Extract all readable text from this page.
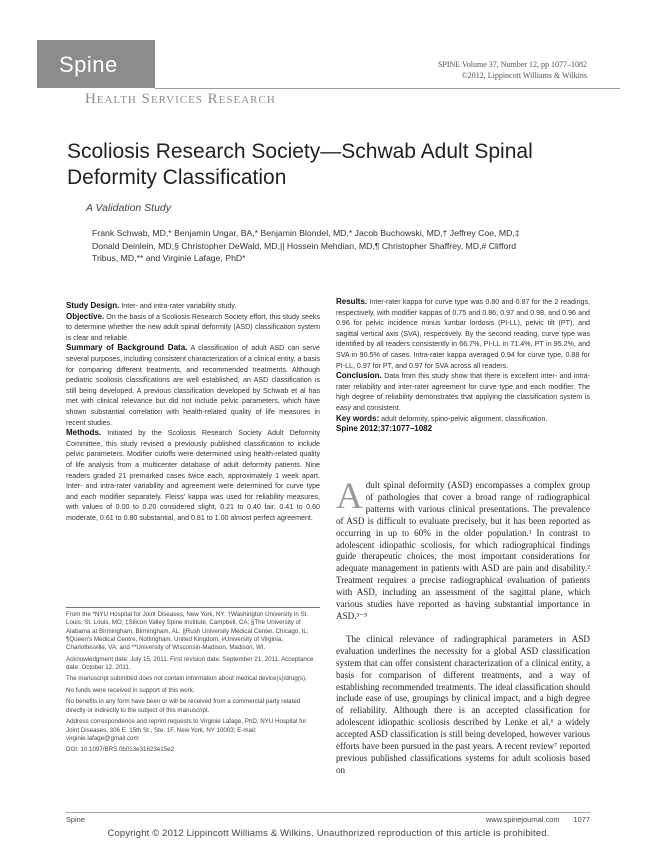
Spine	SPINE Volume 37, Number 12, pp 1077–1082
©2012, Lippincott Williams & Wilkins
Health Services Research
Scoliosis Research Society—Schwab Adult Spinal Deformity Classification
A Validation Study
Frank Schwab, MD,* Benjamin Ungar, BA,* Benjamin Blondel, MD,* Jacob Buchowski, MD,† Jeffrey Coe, MD,‡ Donald Deinlein, MD,§ Christopher DeWald, MD,|| Hossein Mehdian, MD,¶ Christopher Shaffrey, MD,# Clifford Tribus, MD,** and Virginie Lafage, PhD*

Study Design. Inter- and intra-rater variability study.

Objective. On the basis of a Scoliosis Research Society effort, this study seeks to determine whether the new adult spinal deformity (ASD) classification system is clear and reliable.

Summary of Background Data. A classification of adult ASD can serve several purposes, including consistent characterization of a clinical entity, a basis for comparing different treatments, and recommended treatments. Although pediatric scoliosis classifications are well established, an ASD classification is still being developed. A previous classification developed by Schwab et al has met with clinical relevance but did not include pelvic parameters, which have shown substantial correlation with health-related quality of life measures in recent studies.

Methods. Initiated by the Scoliosis Research Society Adult Deformity Committee, this study revised a previously published classification to include pelvic parameters. Modifier cutoffs were determined using health-related quality of life analysis from a multicenter database of adult deformity patients. Nine readers graded 21 premarked cases twice each, approximately 1 week apart. Inter- and intra-rater variability and agreement were determined for curve type and each modifier separately. Fleiss' kappa was used for reliability measures, with values of 0.00 to 0.20 considered slight, 0.21 to 0.40 fair, 0.41 to 0.60 moderate, 0.61 to 0.80 substantial, and 0.81 to 1.00 almost perfect agreement.

Results. Inter-rater kappa for curve type was 0.80 and 0.87 for the 2 readings, respectively, with modifier kappas of 0.75 and 0.86, 0.97 and 0.98, and 0.96 and 0.96 for pelvic incidence minus lumbar lordosis (PI-LL), pelvic tilt (PT), and sagittal vertical axis (SVA), respectively. By the second reading, curve type was identified by all readers consistently in 66.7%, PI-LL in 71.4%, PT in 95.2%, and SVA in 90.5% of cases. Intra-rater kappa averaged 0.94 for curve type, 0.88 for PI-LL, 0.97 for PT, and 0.97 for SVA across all readers.

Conclusion. Data from this study show that there is excellent inter- and intra-rater reliability and inter-rater agreement for curve type and each modifier. The high degree of reliability demonstrates that applying the classification system is easy and consistent.

Key words: adult deformity, spino-pelvic alignment, classification.

Spine 2012;37:1077–1082

Adult spinal deformity (ASD) encompasses a complex group of pathologies that cover a broad range of radiographical patterns with various clinical presentations. The prevalence of ASD is difficult to evaluate precisely, but it has been reported as occurring in up to 60% in the older population.¹ In contrast to adolescent idiopathic scoliosis, for which radiographical findings guide therapeutic choices, the most important considerations for adequate management in patients with ASD are pain and disability.² Treatment requires a precise radiographical evaluation of patients with ASD, including an assessment of the sagittal plane, which various studies have reported as having substantial importance in ASD.³⁻⁵

The clinical relevance of radiographical parameters in ASD evaluation underlines the necessity for a global ASD classification system that can offer consistent characterization of a clinical entity, a basis for comparison of different treatments, and a way of establishing recommended treatments. The ideal classification should include ease of use, groupings by clinical impact, and a high degree of reliability. Although there is an accepted classification for adolescent idiopathic scoliosis described by Lenke et al,⁶ a widely accepted ASD classification is still being developed, however various efforts have been pursued in the past years. A recent review⁷ reported previous published classifications systems for adult scoliosis based on

From the *NYU Hospital for Joint Diseases, New York, NY; †Washington University in St. Louis, St. Louis, MO; ‡Silicon Valley Spine Institute, Campbell, CA; §The University of Alabama at Birmingham, Birmingham, AL; ||Rush University Medical Center, Chicago, IL; ¶Queen's Medical Centre, Nottingham, United Kingdom; #University of Virginia, Charlottesville, VA; and **University of Wisconsin-Madison, Madison, WI.

Acknowledgment date: July 15, 2011. First revision date: September 21, 2011. Acceptance date: October 12, 2011.

The manuscript submitted does not contain information about medical device(s)/drug(s).

No funds were received in support of this work.

No benefits in any form have been or will be received from a commercial party related directly or indirectly to the subject of this manuscript.

Address correspondence and reprint requests to Virginie Lafage, PhD, NYU Hospital for Joint Diseases, 306 E. 15th St., Ste. 1F, New York, NY 10003; E-mail: virginie.lafage@gmail.com

DOI: 10.1097/BRS.0b013e31823e15e2

Spine	www.spinejournal.com 1077
Copyright © 2012 Lippincott Williams & Wilkins. Unauthorized reproduction of this article is prohibited.
